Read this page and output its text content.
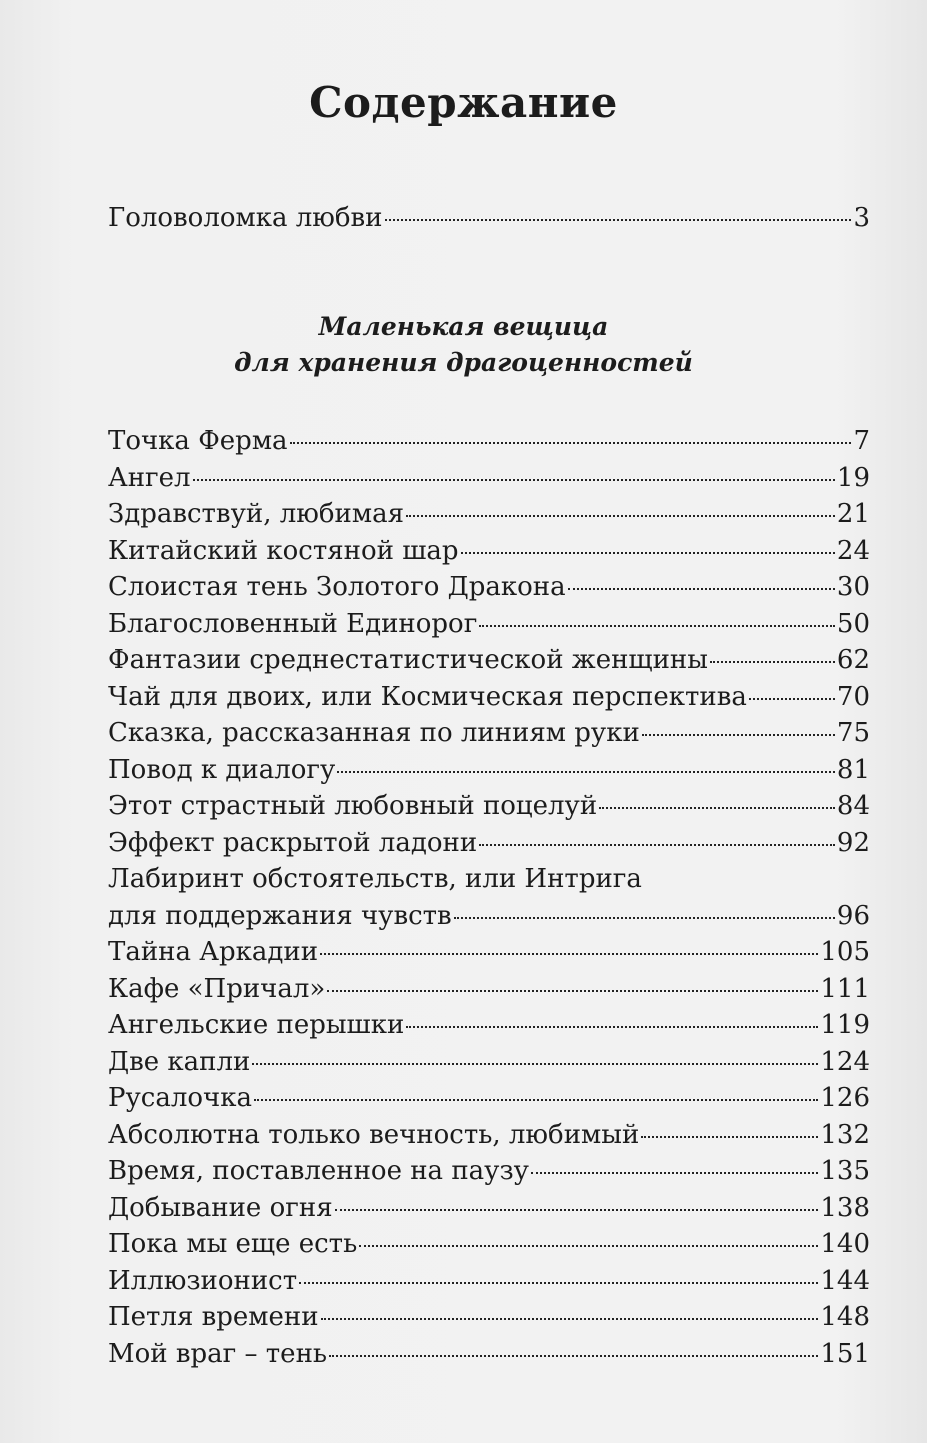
Содержание
Головоломка любви	3
Маленькая вещица
для хранения драгоценностей
Точка Ферма	7
Ангел	19
Здравствуй, любимая	21
Китайский костяной шар	24
Слоистая тень Золотого Дракона	30
Благословенный Единорог	50
Фантазии среднестатистической женщины	62
Чай для двоих, или Космическая перспектива	70
Сказка, рассказанная по линиям руки	75
Повод к диалогу	81
Этот страстный любовный поцелуй	84
Эффект раскрытой ладони	92
Лабиринт обстоятельств, или Интрига
для поддержания чувств	96
Тайна Аркадии	105
Кафе «Причал»	111
Ангельские перышки	119
Две капли	124
Русалочка	126
Абсолютна только вечность, любимый	132
Время, поставленное на паузу	135
Добывание огня	138
Пока мы еще есть	140
Иллюзионист	144
Петля времени	148
Мой враг – тень	151
